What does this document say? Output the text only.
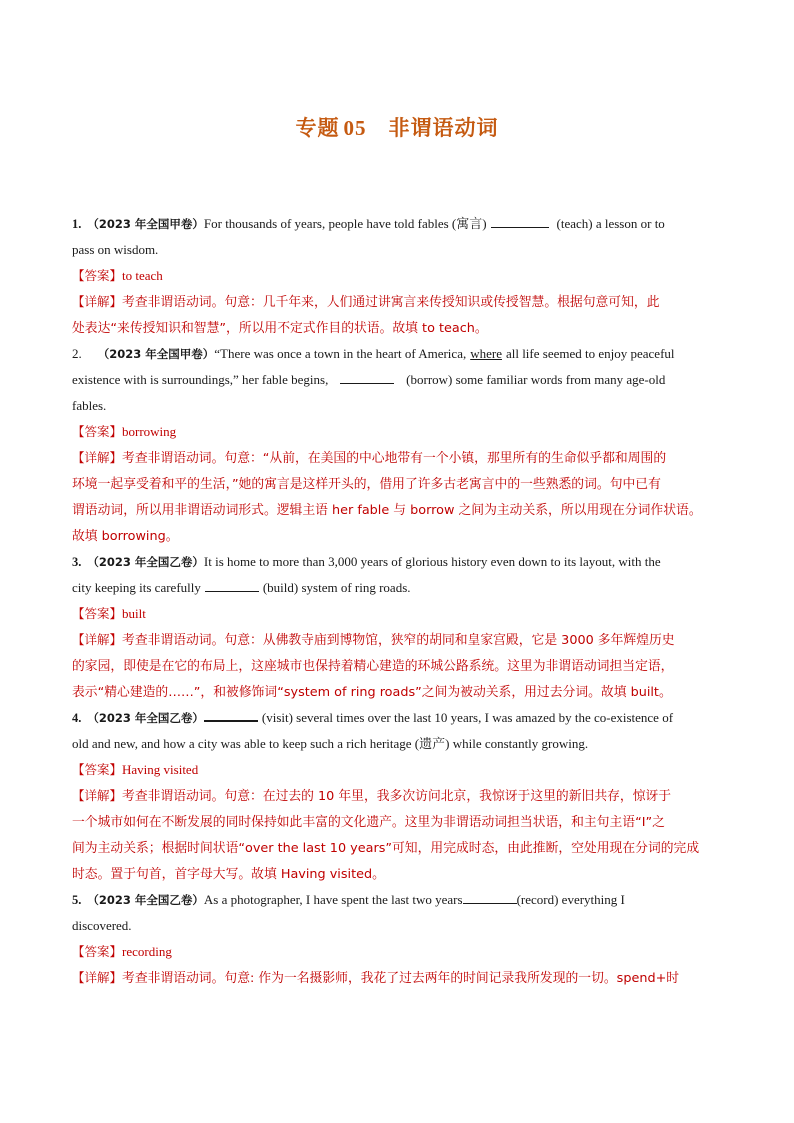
专题 05 非谓语动词
1. （2023 年全国甲卷）For thousands of years, people have told fables (寓言)	(teach) a lesson or to
pass on wisdom.
【答案】to teach
【详解】考查非谓语动词。句意：几千年来，人们通过讲寓言来传授知识或传授智慧。根据句意可知，此
处表达“来传授知识和智慧”，所以用不定式作目的状语。故填 to teach。
2. （2023 年全国甲卷）“There was once a town in the heart of America, where all life seemed to enjoy peaceful
existence with is surroundings,” her fable begins,	(borrow) some familiar words from many age-old
fables.
【答案】borrowing
【详解】考查非谓语动词。句意：“从前，在美国的中心地带有一个小镇，那里所有的生命似乎都和周围的
环境一起享受着和平的生活，”她的寓言是这样开头的，借用了许多古老寓言中的一些熟悉的词。句中已有
谓语动词，所以用非谓语动词形式。逻辑主语 her fable 与 borrow 之间为主动关系，所以用现在分词作状语。
故填 borrowing。
3. （2023 年全国乙卷）It is home to more than 3,000 years of glorious history even down to its layout, with the
city keeping its carefully	(build) system of ring roads.
【答案】built
【详解】考查非谓语动词。句意：从佛教寺庙到博物馆，狭窄的胡同和皇家宫殿，它是 3000 多年辉煌历史
的家园，即使是在它的布局上，这座城市也保持着精心建造的环城公路系统。这里为非谓语动词担当定语，
表示“精心建造的……”，和被修饰词“system of ring roads”之间为被动关系，用过去分词。故填 built。
4. （2023 年全国乙卷）	(visit) several times over the last 10 years, I was amazed by the co-existence of
old and new, and how a city was able to keep such a rich heritage (遗产) while constantly growing.
【答案】Having visited
【详解】考查非谓语动词。句意：在过去的 10 年里，我多次访问北京，我惊讶于这里的新旧共存，惊讶于
一个城市如何在不断发展的同时保持如此丰富的文化遗产。这里为非谓语动词担当状语，和主句主语“I”之
间为主动关系；根据时间状语“over the last 10 years”可知，用完成时态，由此推断，空处用现在分词的完成
时态。置于句首，首字母大写。故填 Having visited。
5. （2023 年全国乙卷）As a photographer, I have spent the last two years	(record) everything I
discovered.
【答案】recording
【详解】考查非谓语动词。句意: 作为一名摄影师，我花了过去两年的时间记录我所发现的一切。spend+时
